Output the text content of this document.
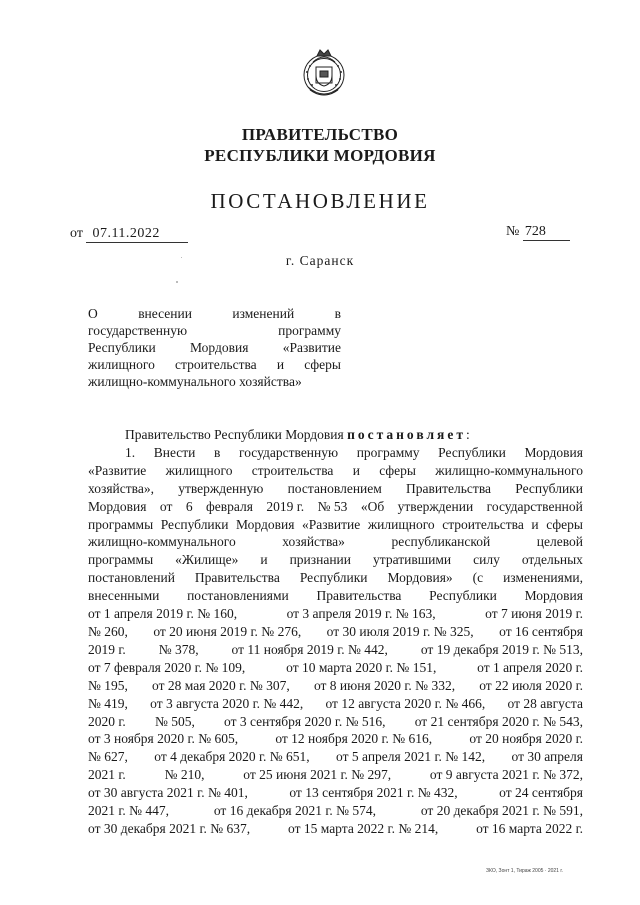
ПРАВИТЕЛЬСТВО
РЕСПУБЛИКИ МОРДОВИЯ
ПОСТАНОВЛЕНИЕ
от 07.11.2022	№ 728
г. Саранск
О	внесении	изменений	в
государственную	программу
Республики	Мордовия	«Развитие
жилищного строительства и сферы
жилищно-коммунального хозяйства»
Правительство Республики Мордовия постановляет:
1. Внести в государственную программу Республики Мордовия
«Развитие жилищного строительства и сферы жилищно-коммунального
хозяйства», утвержденную постановлением Правительства Республики
Мордовия от 6 февраля 2019 г. № 53 «Об утверждении государственной
программы Республики Мордовия «Развитие жилищного строительства и сферы
жилищно-коммунального	хозяйства»	республиканской	целевой
программы «Жилище» и признании утратившими силу отдельных
постановлений Правительства Республики Мордовия» (с изменениями,
внесенными постановлениями Правительства Республики Мордовия
от 1 апреля 2019 г. № 160,	от 3 апреля 2019 г. № 163,	от 7 июня 2019 г.
№ 260, от 20 июня 2019 г. № 276, от 30 июля 2019 г. № 325, от 16 сентября
2019 г. № 378, от 11 ноября 2019 г. № 442, от 19 декабря 2019 г. № 513,
от 7 февраля 2020 г. № 109,	от 10 марта 2020 г. № 151,	от 1 апреля 2020 г.
№ 195, от 28 мая 2020 г. № 307, от 8 июня 2020 г. № 332, от 22 июля 2020 г.
№ 419, от 3 августа 2020 г. № 442, от 12 августа 2020 г. № 466, от 28 августа
2020 г. № 505, от 3 сентября 2020 г. № 516, от 21 сентября 2020 г. № 543,
от 3 ноября 2020 г. № 605,	от 12 ноября 2020 г. № 616,	от 20 ноября 2020 г.
№ 627, от 4 декабря 2020 г. № 651, от 5 апреля 2021 г. № 142, от 30 апреля
2021 г.	№ 210,	от 25 июня 2021 г. № 297,	от 9 августа 2021 г. № 372,
от 30 августа 2021 г. № 401,	от 13 сентября 2021 г. № 432,	от 24 сентября
2021 г. № 447,	от 16 декабря 2021 г. № 574,	от 20 декабря 2021 г. № 591,
от 30 декабря 2021 г. № 637,	от 15 марта 2022 г. № 214,	от 16 марта 2022 г.
ЗКО, Зонт 1, Тираж 2005 · 2021 г.
